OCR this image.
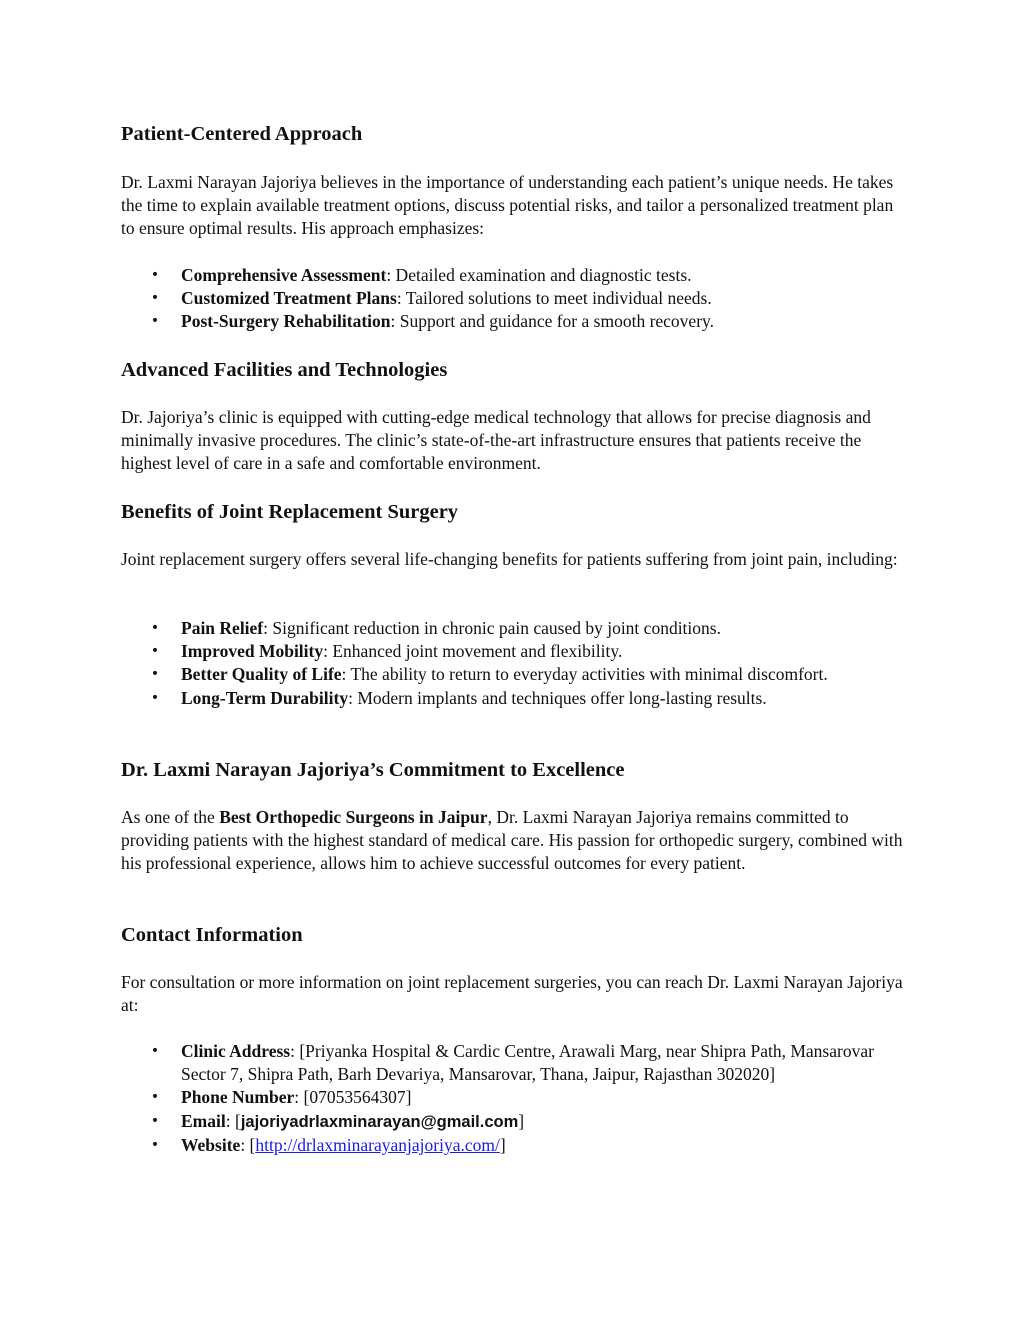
Patient-Centered Approach

Dr. Laxmi Narayan Jajoriya believes in the importance of understanding each patient’s unique needs. He takes the time to explain available treatment options, discuss potential risks, and tailor a personalized treatment plan to ensure optimal results. His approach emphasizes:

•	Comprehensive Assessment: Detailed examination and diagnostic tests.
•	Customized Treatment Plans: Tailored solutions to meet individual needs.
•	Post-Surgery Rehabilitation: Support and guidance for a smooth recovery.
Advanced Facilities and Technologies

Dr. Jajoriya’s clinic is equipped with cutting-edge medical technology that allows for precise diagnosis and minimally invasive procedures. The clinic’s state-of-the-art infrastructure ensures that patients receive the highest level of care in a safe and comfortable environment.

Benefits of Joint Replacement Surgery

Joint replacement surgery offers several life-changing benefits for patients suffering from joint pain, including:

•	Pain Relief: Significant reduction in chronic pain caused by joint conditions.
•	Improved Mobility: Enhanced joint movement and flexibility.
•	Better Quality of Life: The ability to return to everyday activities with minimal discomfort.
•	Long-Term Durability: Modern implants and techniques offer long-lasting results.
Dr. Laxmi Narayan Jajoriya’s Commitment to Excellence

As one of the Best Orthopedic Surgeons in Jaipur, Dr. Laxmi Narayan Jajoriya remains committed to providing patients with the highest standard of medical care. His passion for orthopedic surgery, combined with his professional experience, allows him to achieve successful outcomes for every patient.

Contact Information

For consultation or more information on joint replacement surgeries, you can reach Dr. Laxmi Narayan Jajoriya at:

•	Clinic Address: [Priyanka Hospital & Cardic Centre, Arawali Marg, near Shipra Path, Mansarovar Sector 7, Shipra Path, Barh Devariya, Mansarovar, Thana, Jaipur, Rajasthan 302020]
•	Phone Number: [07053564307]
•	Email: [jajoriyadrlaxminarayan@gmail.com]
•	Website: [http://drlaxminarayanjajoriya.com/]
